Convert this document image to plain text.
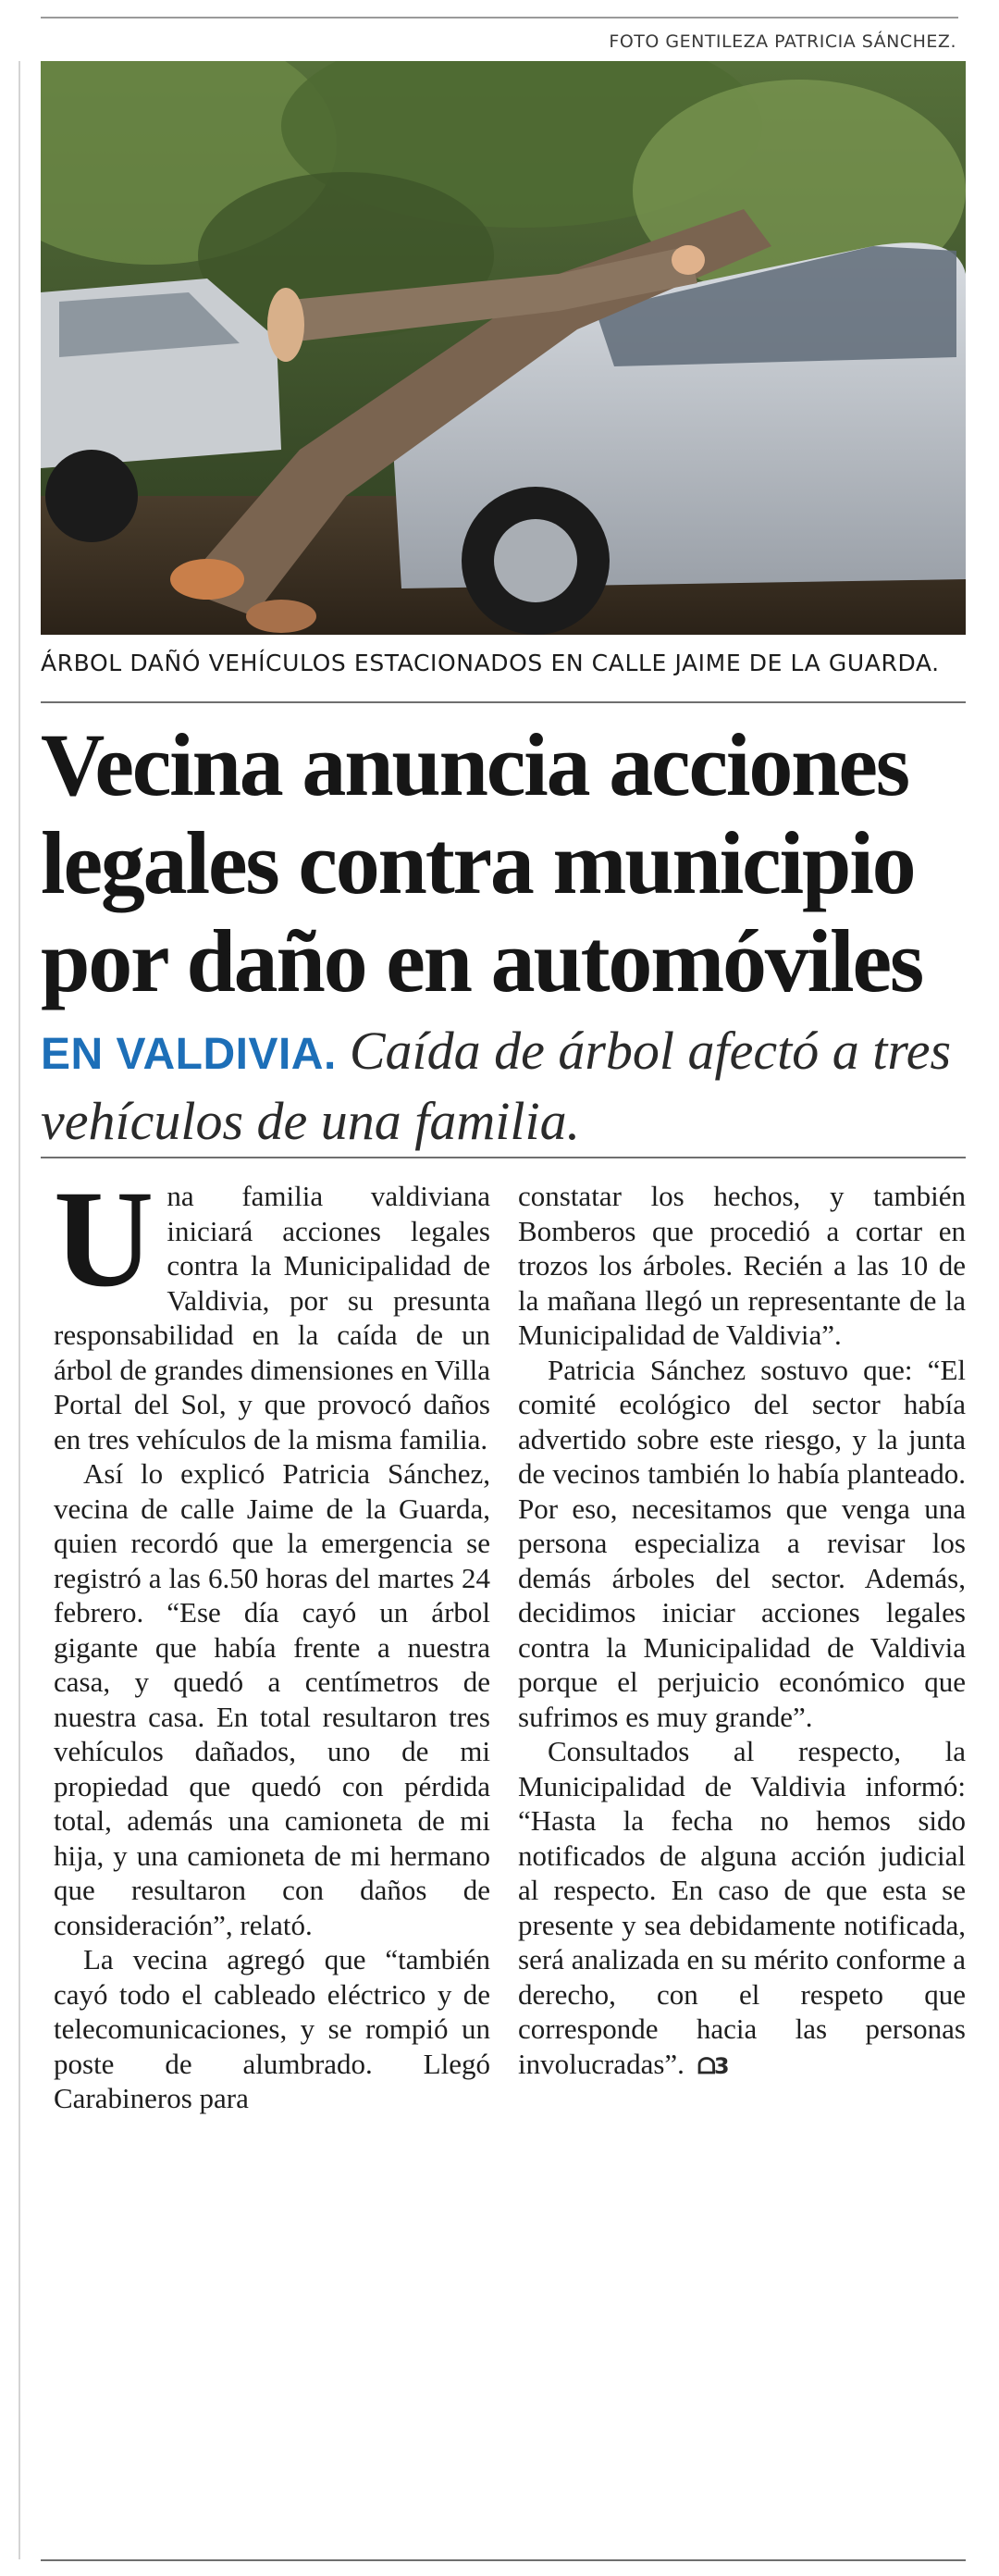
FOTO GENTILEZA PATRICIA SÁNCHEZ.
ÁRBOL DAÑÓ VEHÍCULOS ESTACIONADOS EN CALLE JAIME DE LA GUARDA.
Vecina anuncia acciones
legales contra municipio
por daño en automóviles
EN VALDIVIA. Caída de árbol afectó a tres vehículos de una familia.

Una familia valdiviana iniciará acciones legales contra la Municipalidad de Valdivia, por su presunta responsabilidad en la caída de un árbol de grandes dimensiones en Villa Portal del Sol, y que provocó daños en tres vehículos de la misma familia.

Así lo explicó Patricia Sánchez, vecina de calle Jaime de la Guarda, quien recordó que la emergencia se registró a las 6.50 horas del martes 24 febrero. “Ese día cayó un árbol gigante que había frente a nuestra casa, y quedó a centímetros de nuestra casa. En total resultaron tres vehículos dañados, uno de mi propiedad que quedó con pérdida total, además una camioneta de mi hija, y una camioneta de mi hermano que resultaron con daños de consideración”, relató.

La vecina agregó que “también cayó todo el cableado eléctrico y de telecomunicaciones, y se rompió un poste de alumbrado. Llegó Carabineros para

constatar los hechos, y también Bomberos que procedió a cortar en trozos los árboles. Recién a las 10 de la mañana llegó un representante de la Municipalidad de Valdivia”.

Patricia Sánchez sostuvo que: “El comité ecológico del sector había advertido sobre este riesgo, y la junta de vecinos también lo había planteado. Por eso, necesitamos que venga una persona especializa a revisar los demás árboles del sector. Además, decidimos iniciar acciones legales contra la Municipalidad de Valdivia porque el perjuicio económico que sufrimos es muy grande”.

Consultados al respecto, la Municipalidad de Valdivia informó: “Hasta la fecha no hemos sido notificados de alguna acción judicial al respecto. En caso de que esta se presente y sea debidamente notificada, será analizada en su mérito conforme a derecho, con el respeto que corresponde hacia las personas involucradas”. ᗝ3
